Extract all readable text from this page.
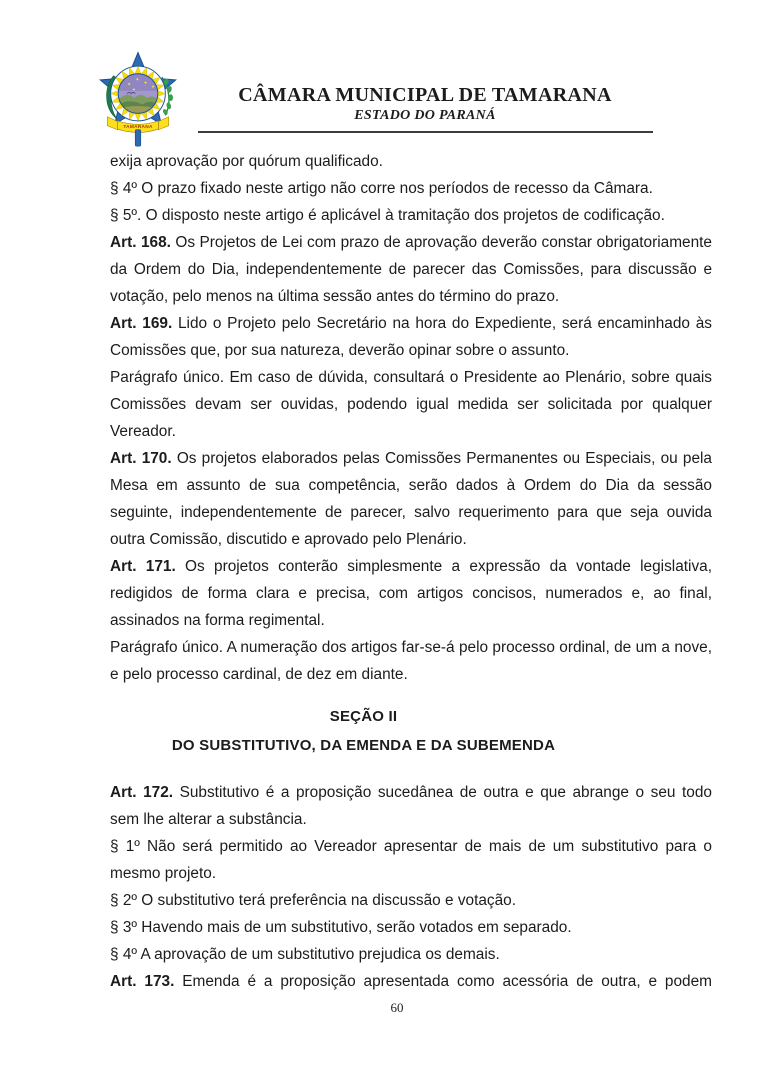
TAMARANA
CÂMARA MUNICIPAL DE TAMARANA
ESTADO DO PARANÁ

exija aprovação por quórum qualificado.

§ 4º O prazo fixado neste artigo não corre nos períodos de recesso da Câmara.

§ 5º. O disposto neste artigo é aplicável à tramitação dos projetos de codificação.

Art. 168. Os Projetos de Lei com prazo de aprovação deverão constar obrigatoriamente da Ordem do Dia, independentemente de parecer das Comissões, para discussão e votação, pelo menos na última sessão antes do término do prazo.

Art. 169. Lido o Projeto pelo Secretário na hora do Expediente, será encaminhado às Comissões que, por sua natureza, deverão opinar sobre o assunto.

Parágrafo único. Em caso de dúvida, consultará o Presidente ao Plenário, sobre quais Comissões devam ser ouvidas, podendo igual medida ser solicitada por qualquer Vereador.

Art. 170. Os projetos elaborados pelas Comissões Permanentes ou Especiais, ou pela Mesa em assunto de sua competência, serão dados à Ordem do Dia da sessão seguinte, independentemente de parecer, salvo requerimento para que seja ouvida outra Comissão, discutido e aprovado pelo Plenário.

Art. 171. Os projetos conterão simplesmente a expressão da vontade legislativa, redigidos de forma clara e precisa, com artigos concisos, numerados e, ao final, assinados na forma regimental.

Parágrafo único. A numeração dos artigos far-se-á pelo processo ordinal, de um a nove, e pelo processo cardinal, de dez em diante.

SEÇÃO II
DO SUBSTITUTIVO, DA EMENDA E DA SUBEMENDA

Art. 172. Substitutivo é a proposição sucedânea de outra e que abrange o seu todo sem lhe alterar a substância.

§ 1º Não será permitido ao Vereador apresentar de mais de um substitutivo para o mesmo projeto.

§ 2º O substitutivo terá preferência na discussão e votação.

§ 3º Havendo mais de um substitutivo, serão votados em separado.

§ 4º A aprovação de um substitutivo prejudica os demais.

Art. 173. Emenda é a proposição apresentada como acessória de outra, e podem

60
